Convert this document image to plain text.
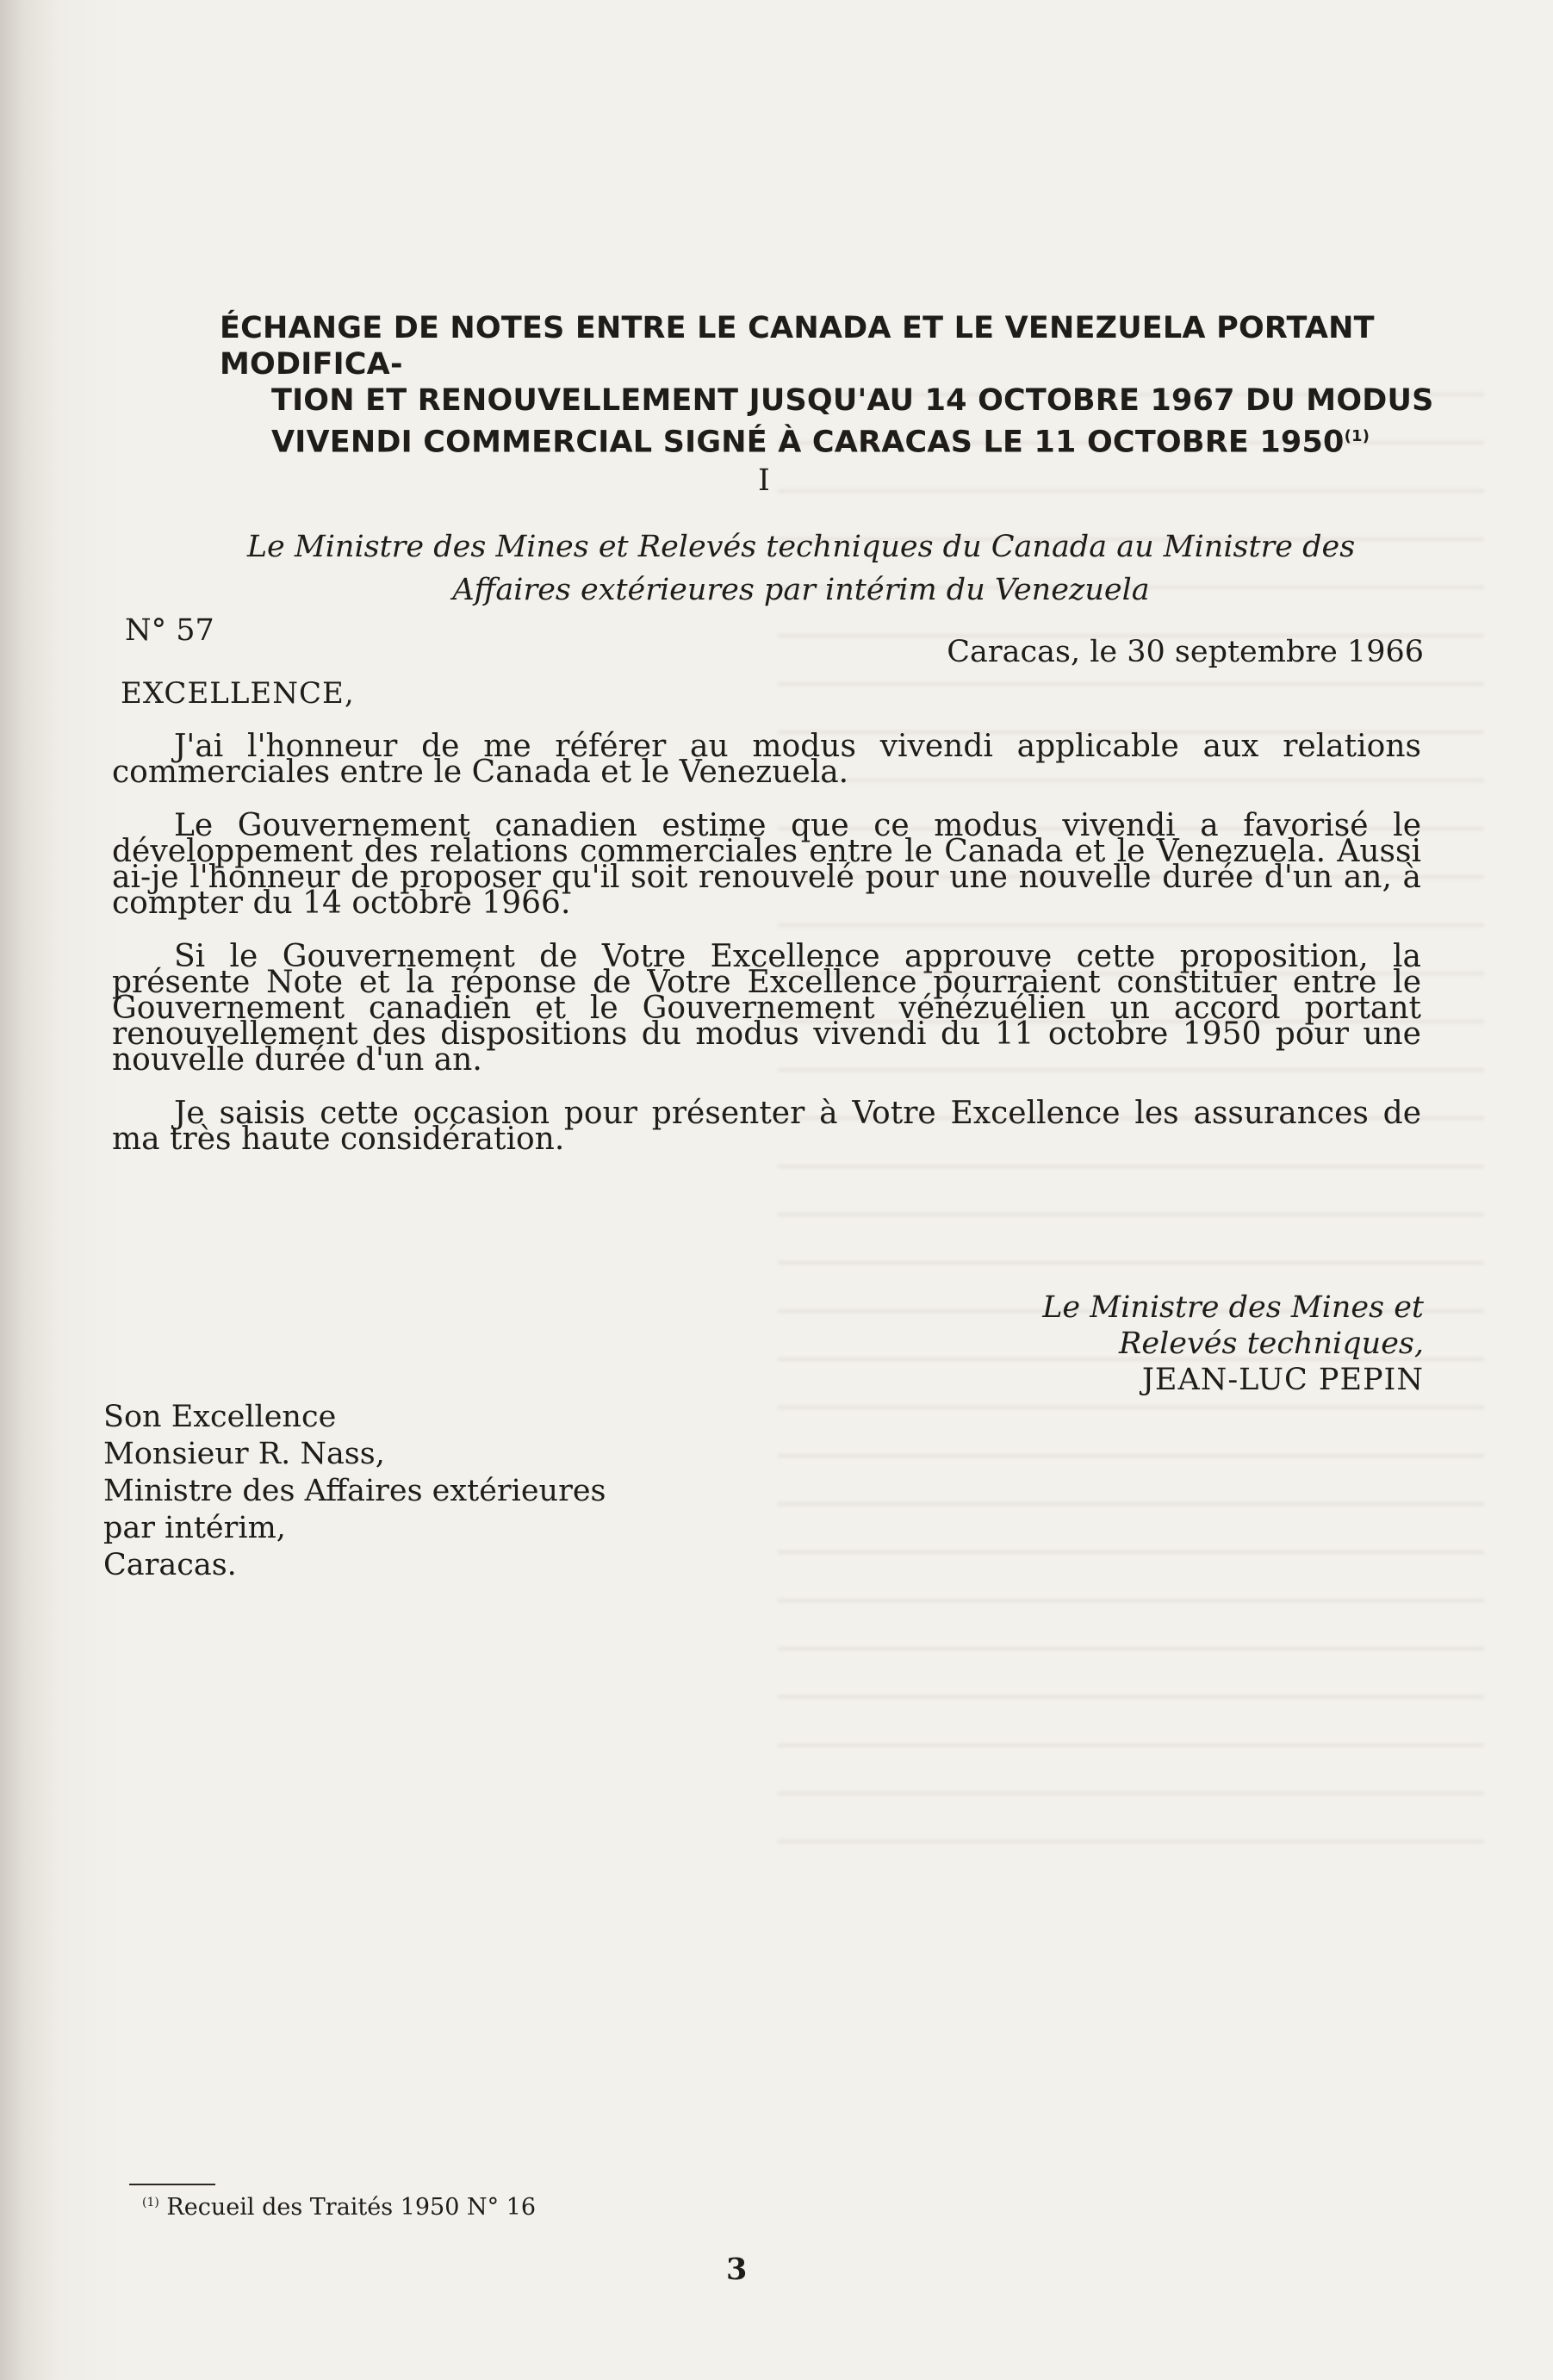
ÉCHANGE DE NOTES ENTRE LE CANADA ET LE VENEZUELA PORTANT MODIFICA-
TION ET RENOUVELLEMENT JUSQU'AU 14 OCTOBRE 1967 DU MODUS
VIVENDI COMMERCIAL SIGNÉ À CARACAS LE 11 OCTOBRE 1950$^{(1)}$
I
Le Ministre des Mines et Relevés techniques du Canada au Ministre des
Affaires extérieures par intérim du Venezuela
N° 57
Caracas, le 30 septembre 1966
EXCELLENCE,

J'ai l'honneur de me référer au modus vivendi applicable aux relations commerciales entre le Canada et le Venezuela.

Le Gouvernement canadien estime que ce modus vivendi a favorisé le développement des relations commerciales entre le Canada et le Venezuela. Aussi ai-je l'honneur de proposer qu'il soit renouvelé pour une nouvelle durée d'un an, à compter du 14 octobre 1966.

Si le Gouvernement de Votre Excellence approuve cette proposition, la présente Note et la réponse de Votre Excellence pourraient constituer entre le Gouvernement canadien et le Gouvernement vénézuélien un accord portant renouvellement des dispositions du modus vivendi du 11 octobre 1950 pour une nouvelle durée d'un an.

Je saisis cette occasion pour présenter à Votre Excellence les assurances de ma très haute considération.

Le Ministre des Mines et
Relevés techniques,
JEAN-LUC PEPIN
Son Excellence
Monsieur R. Nass,
Ministre des Affaires extérieures
par intérim,
Caracas.
$^{(1)}$ Recueil des Traités 1950 N° 16
3
